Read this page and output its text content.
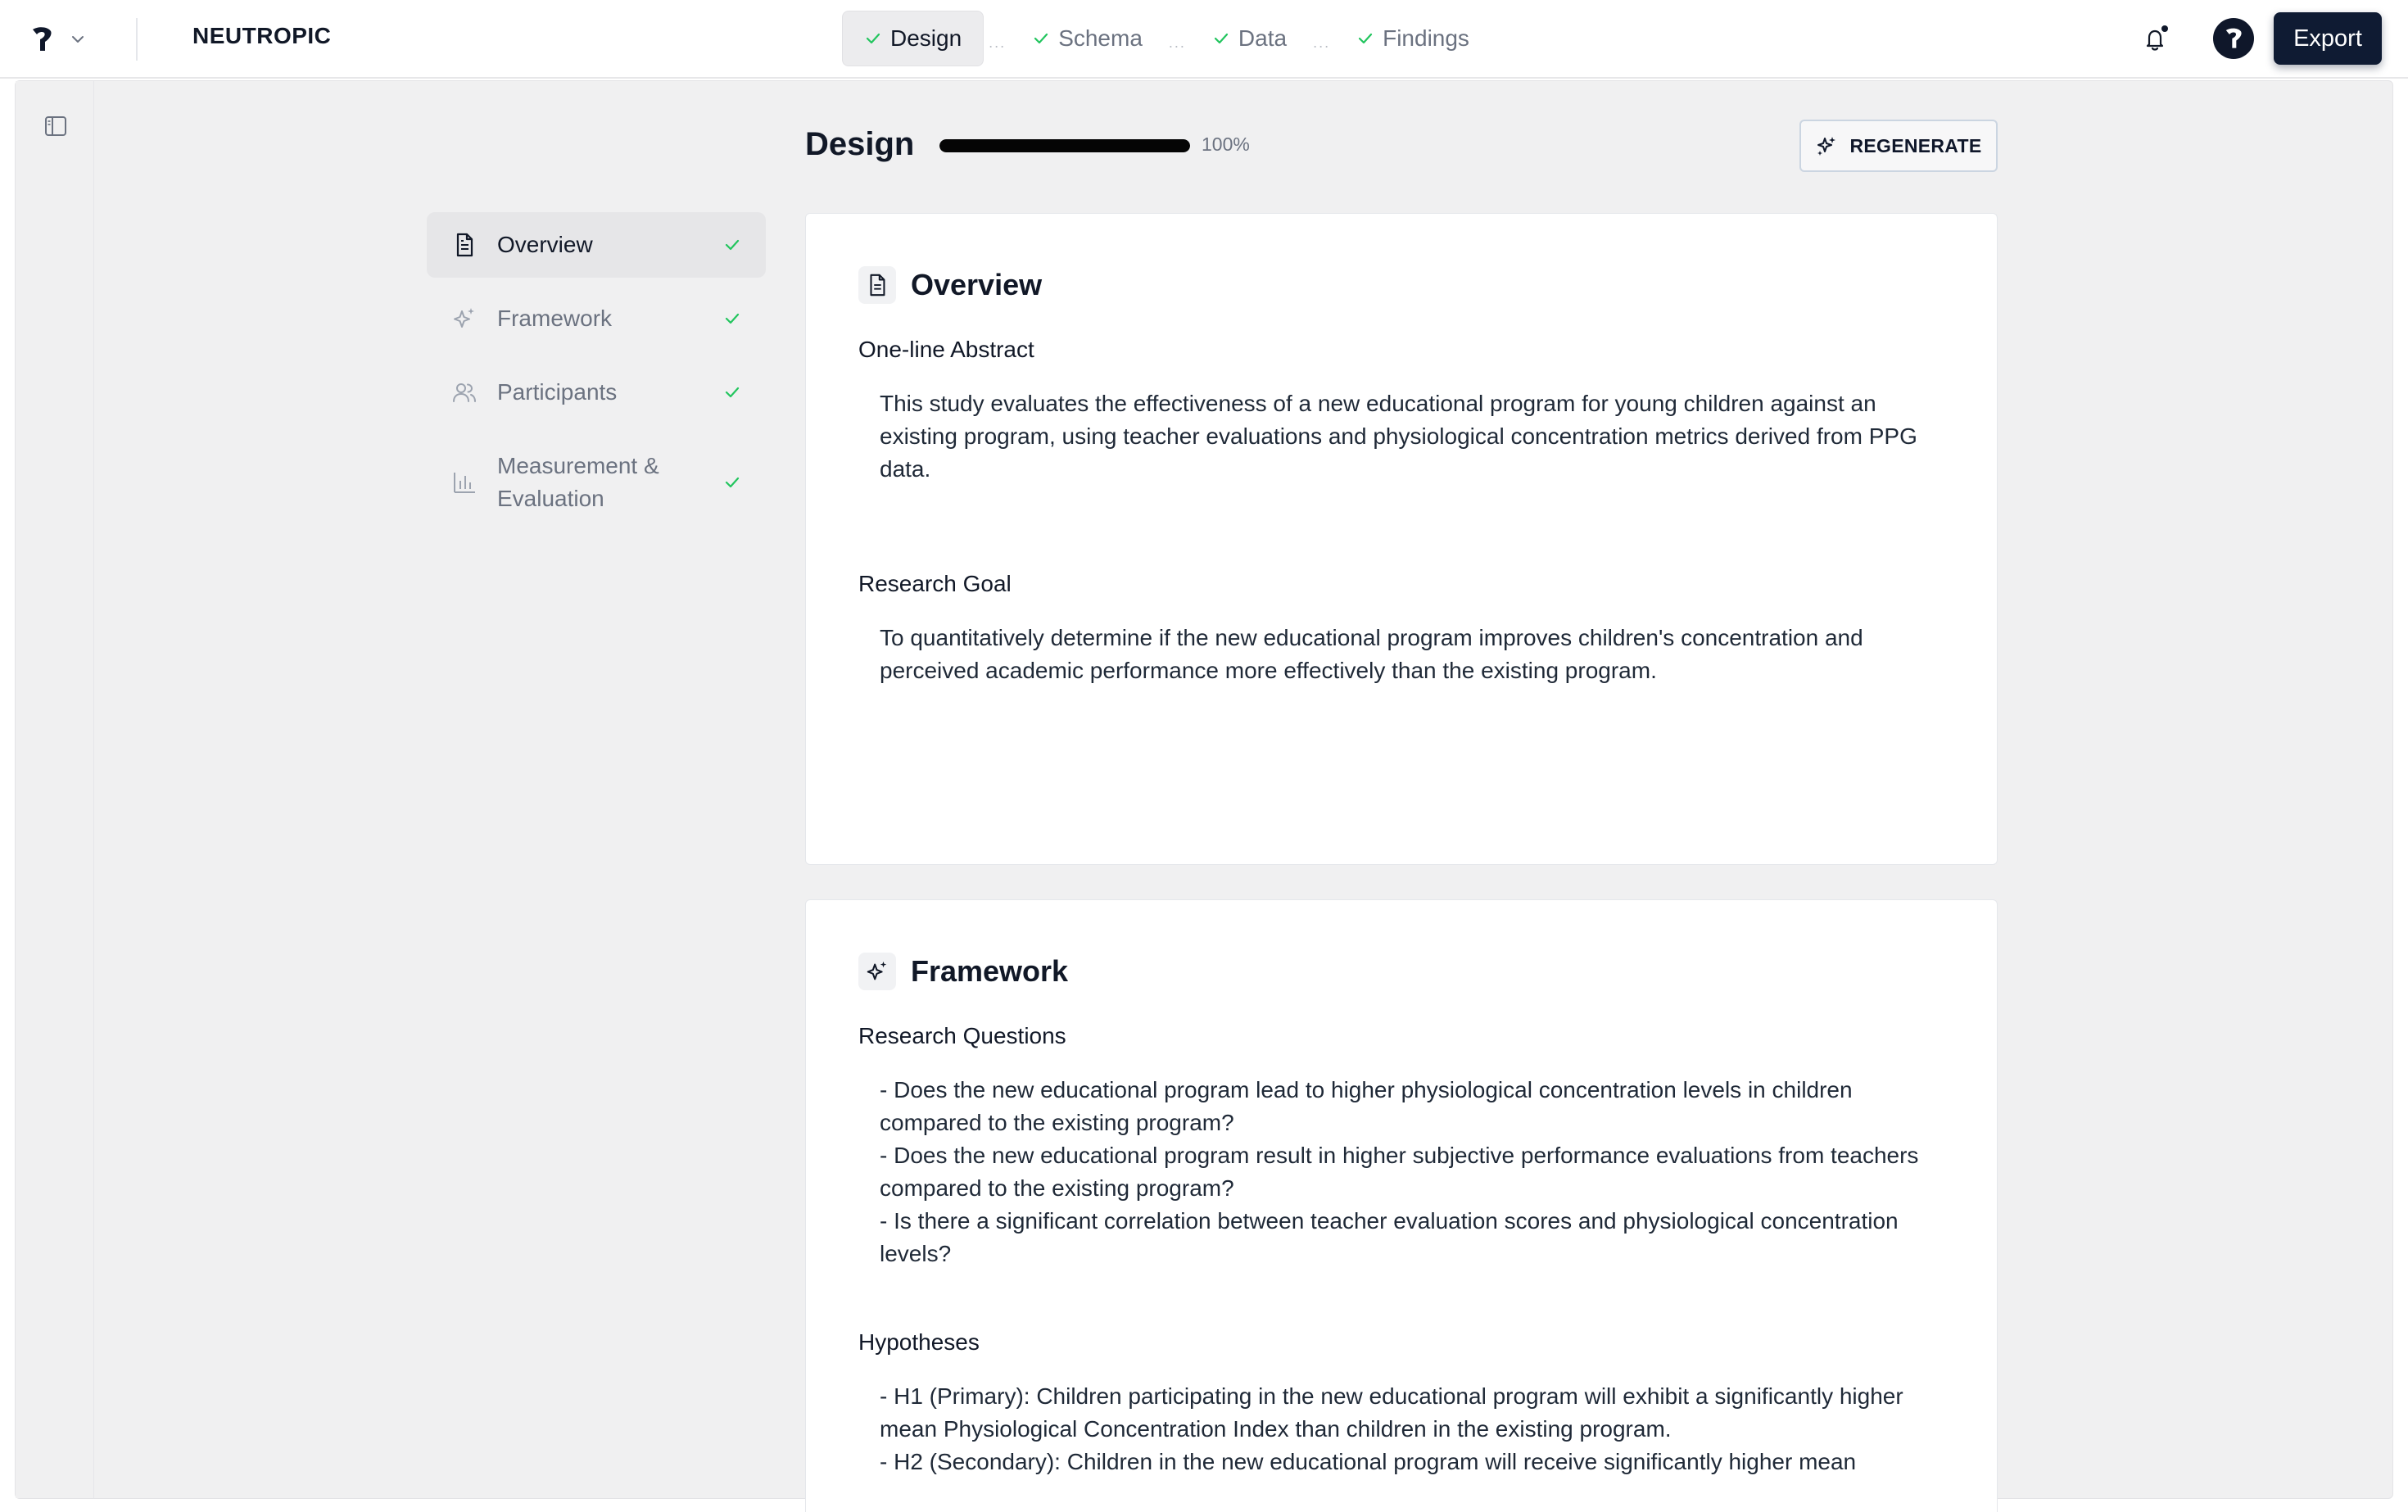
NEUTROPIC	Design	... Schema	... Data	... Findings	Export
Design	100%	REGENERATE
Overview
Framework
Participants
Measurement & Evaluation
Overview
One-line Abstract
This study evaluates the effectiveness of a new educational program for young children against an existing program, using teacher evaluations and physiological concentration metrics derived from PPG data.
Research Goal
To quantitatively determine if the new educational program improves children's concentration and perceived academic performance more effectively than the existing program.
Framework
Research Questions
- Does the new educational program lead to higher physiological concentration levels in children compared to the existing program?
- Does the new educational program result in higher subjective performance evaluations from teachers compared to the existing program?
- Is there a significant correlation between teacher evaluation scores and physiological concentration levels?
Hypotheses
- H1 (Primary): Children participating in the new educational program will exhibit a significantly higher mean Physiological Concentration Index than children in the existing program.
- H2 (Secondary): Children in the new educational program will receive significantly higher mean
